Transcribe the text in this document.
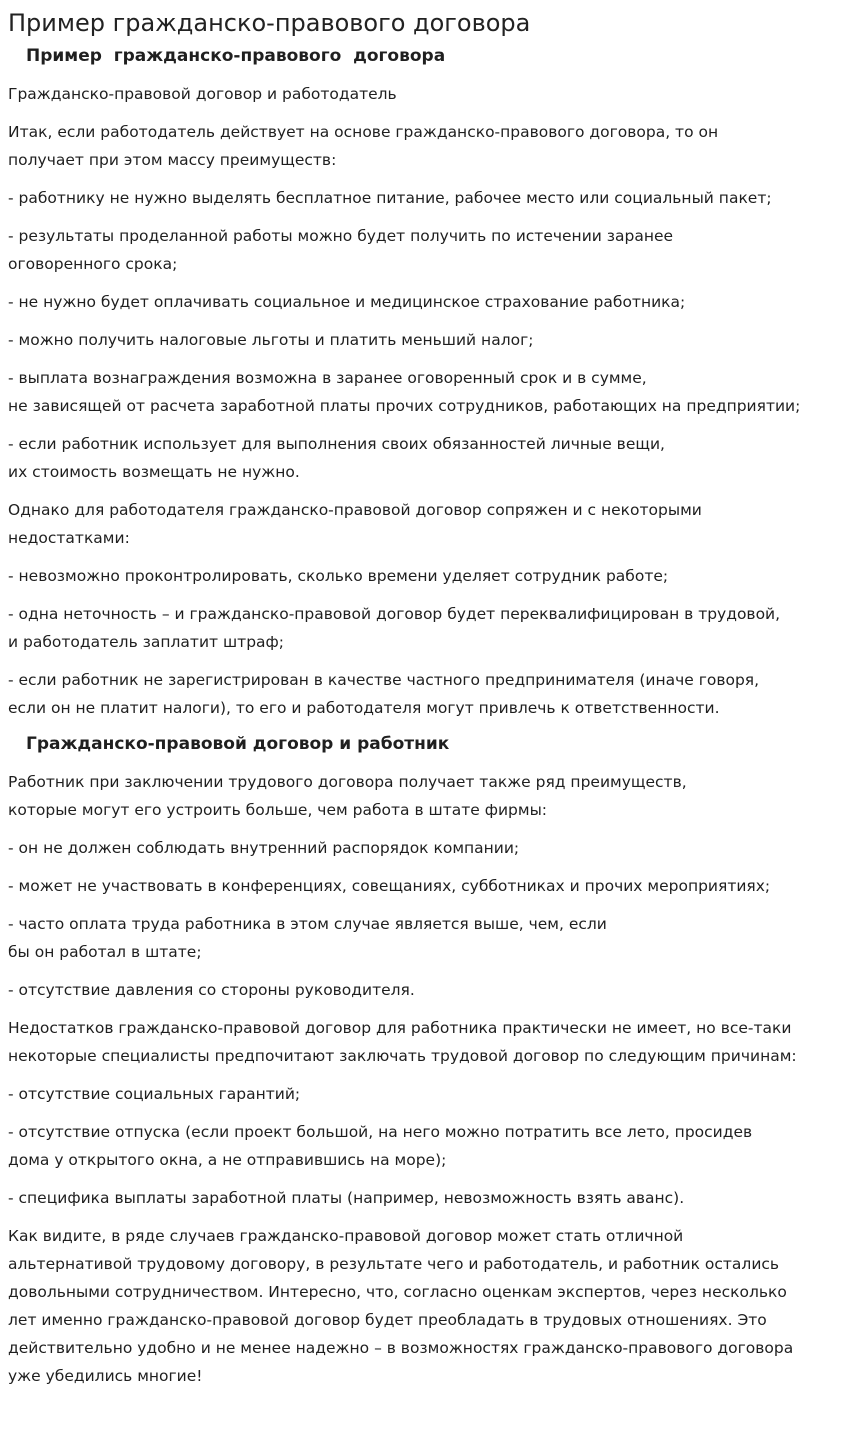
Пример гражданско-правового договора
Пример  гражданско-правового  договора

Гражданско-правовой договор и работодатель

Итак, если работодатель действует на основе гражданско-правового договора, то он
получает при этом массу преимуществ:

- работнику не нужно выделять бесплатное питание, рабочее место или социальный пакет;

- результаты проделанной работы можно будет получить по истечении заранее
оговоренного срока;

- не нужно будет оплачивать социальное и медицинское страхование работника;

- можно получить налоговые льготы и платить меньший налог;

- выплата вознаграждения возможна в заранее оговоренный срок и в сумме,
не зависящей от расчета заработной платы прочих сотрудников, работающих на предприятии;

- если работник использует для выполнения своих обязанностей личные вещи,
их стоимость возмещать не нужно.

Однако для работодателя гражданско-правовой договор сопряжен и с некоторыми
недостатками:

- невозможно проконтролировать, сколько времени уделяет сотрудник работе;

- одна неточность – и гражданско-правовой договор будет переквалифицирован в трудовой,
и работодатель заплатит штраф;

- если работник не зарегистрирован в качестве частного предпринимателя (иначе говоря,
если он не платит налоги), то его и работодателя могут привлечь к ответственности.

Гражданско-правовой договор и работник

Работник при заключении трудового договора получает также ряд преимуществ,
которые могут его устроить больше, чем работа в штате фирмы:

- он не должен соблюдать внутренний распорядок компании;

- может не участвовать в конференциях, совещаниях, субботниках и прочих мероприятиях;

- часто оплата труда работника в этом случае является выше, чем, если
бы он работал в штате;

- отсутствие давления со стороны руководителя.

Недостатков гражданско-правовой договор для работника практически не имеет, но все-таки
некоторые специалисты предпочитают заключать трудовой договор по следующим причинам:

- отсутствие социальных гарантий;

- отсутствие отпуска (если проект большой, на него можно потратить все лето, просидев
дома у открытого окна, а не отправившись на море);

- специфика выплаты заработной платы (например, невозможность взять аванс).

Как видите, в ряде случаев гражданско-правовой договор может стать отличной
альтернативой трудовому договору, в результате чего и работодатель, и работник остались
довольными сотрудничеством. Интересно, что, согласно оценкам экспертов, через несколько
лет именно гражданско-правовой договор будет преобладать в трудовых отношениях. Это
действительно удобно и не менее надежно – в возможностях гражданско-правового договора
уже убедились многие!
